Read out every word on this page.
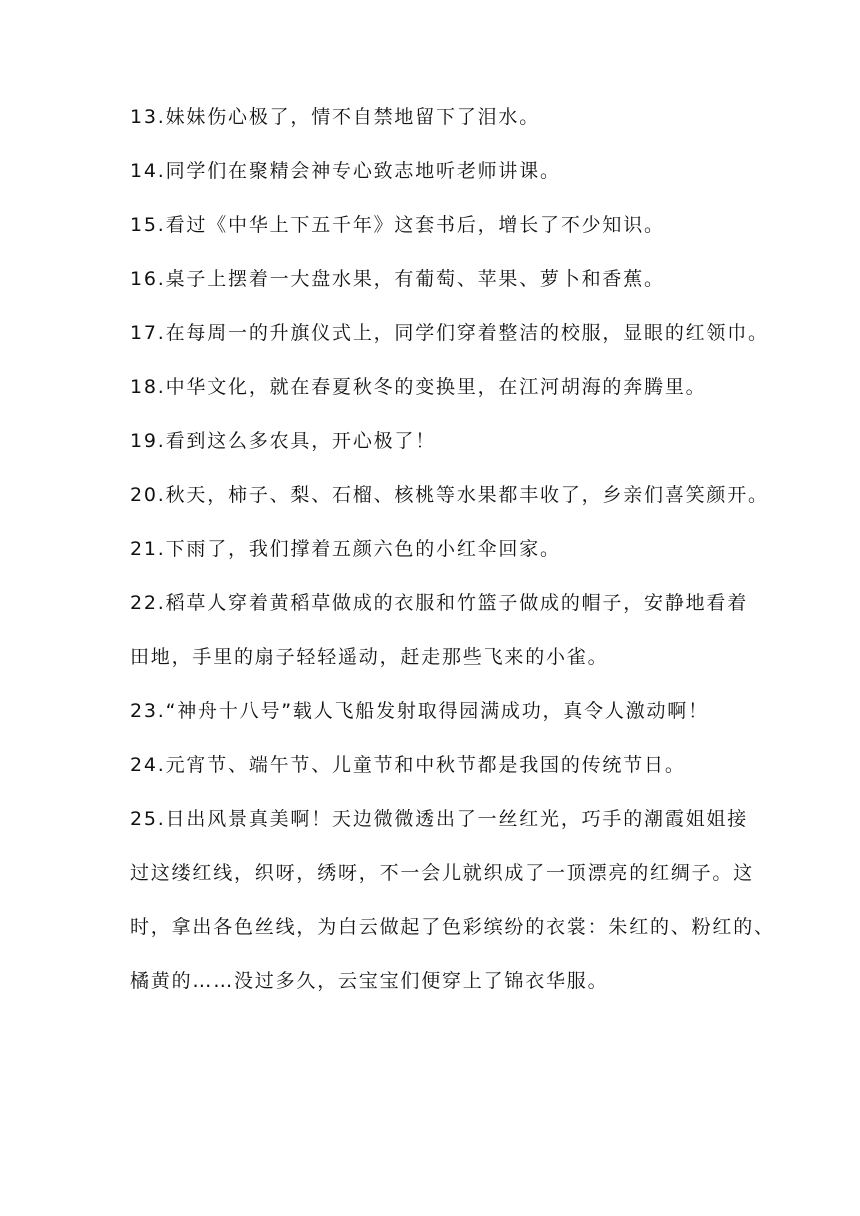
13.妹妹伤心极了，情不自禁地留下了泪水。
14.同学们在聚精会神专心致志地听老师讲课。
15.看过《中华上下五千年》这套书后，增长了不少知识。
16.桌子上摆着一大盘水果，有葡萄、苹果、萝卜和香蕉。
17.在每周一的升旗仪式上，同学们穿着整洁的校服，显眼的红领巾。
18.中华文化，就在春夏秋冬的变换里，在江河胡海的奔腾里。
19.看到这么多农具，开心极了！
20.秋天，柿子、梨、石榴、核桃等水果都丰收了，乡亲们喜笑颜开。
21.下雨了，我们撑着五颜六色的小红伞回家。
22.稻草人穿着黄稻草做成的衣服和竹篮子做成的帽子，安静地看着
田地，手里的扇子轻轻遥动，赶走那些飞来的小雀。
23.“神舟十八号”载人飞船发射取得园满成功，真令人激动啊！
24.元宵节、端午节、儿童节和中秋节都是我国的传统节日。
25.日出风景真美啊！天边微微透出了一丝红光，巧手的潮霞姐姐接
过这缕红线，织呀，绣呀，不一会儿就织成了一顶漂亮的红绸子。这
时，拿出各色丝线，为白云做起了色彩缤纷的衣裳：朱红的、粉红的、
橘黄的……没过多久，云宝宝们便穿上了锦衣华服。
